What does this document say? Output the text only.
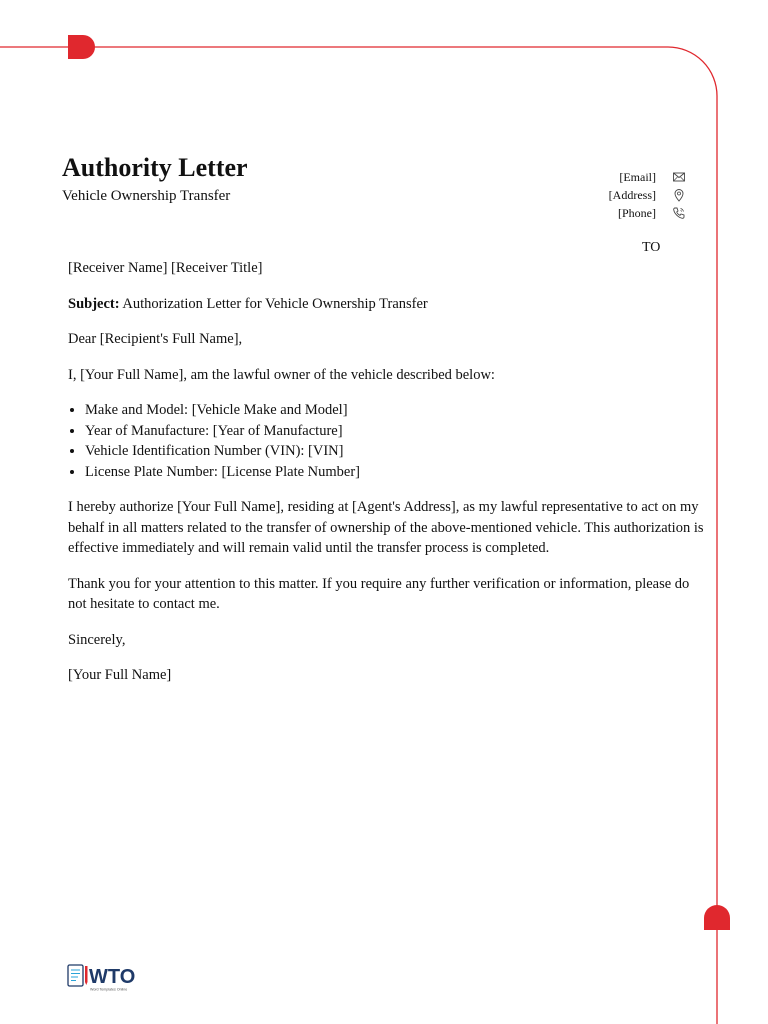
Authority Letter
Vehicle Ownership Transfer
[Email]
[Address]
[Phone]
TO

[Receiver Name] [Receiver Title]

Subject: Authorization Letter for Vehicle Ownership Transfer

Dear [Recipient's Full Name],

I, [Your Full Name], am the lawful owner of the vehicle described below:

• Make and Model: [Vehicle Make and Model]
• Year of Manufacture: [Year of Manufacture]
• Vehicle Identification Number (VIN): [VIN]
• License Plate Number: [License Plate Number]

I hereby authorize [Your Full Name], residing at [Agent's Address], as my lawful representative to act on my behalf in all matters related to the transfer of ownership of the above-mentioned vehicle. This authorization is effective immediately and will remain valid until the transfer process is completed.

Thank you for your attention to this matter. If you require any further verification or information, please do not hesitate to contact me.

Sincerely,

[Your Full Name]

WTO
Word Templates Online
